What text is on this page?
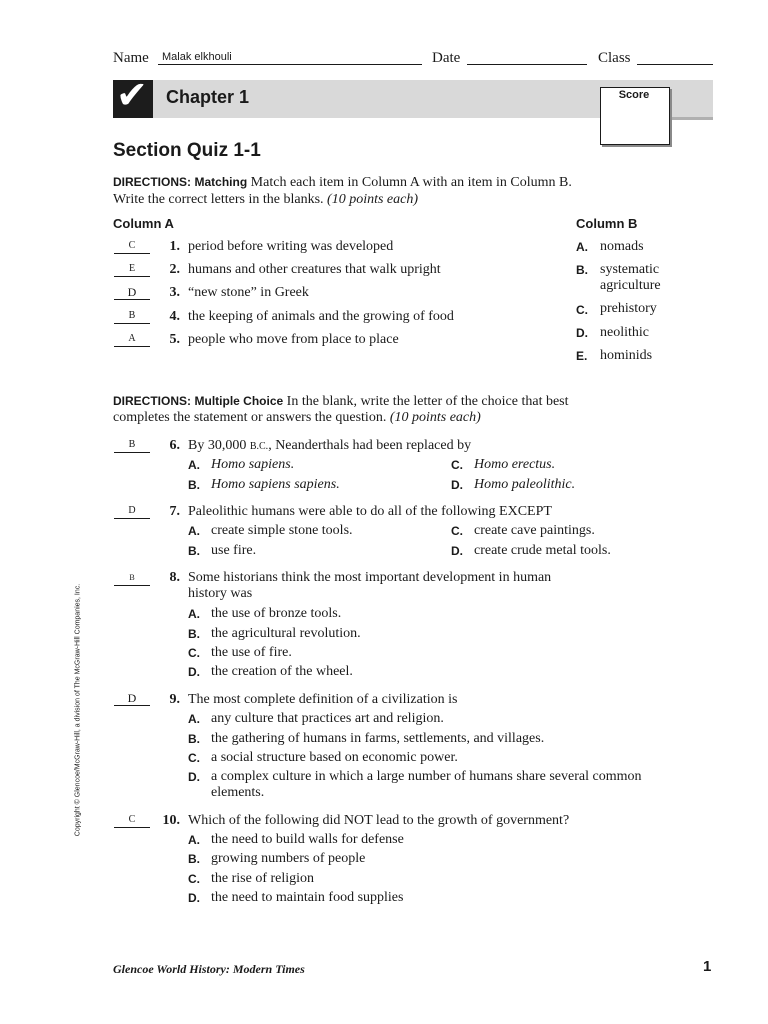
Name Malak elkhouli	Date	Class
✔ Chapter 1	Score
Section Quiz 1-1
DIRECTIONS: Matching Match each item in Column A with an item in Column B.
Write the correct letters in the blanks. (10 points each)
Column A	Column B
C	1. period before writing was developed
E	2. humans and other creatures that walk upright
D	3. “new stone” in Greek
B	4. the keeping of animals and the growing of food
A	5. people who move from place to place
A. nomads
B. systematic
agriculture
C. prehistory
D. neolithic
E. hominids
DIRECTIONS: Multiple Choice In the blank, write the letter of the choice that best
completes the statement or answers the question. (10 points each)
B	6. By 30,000 B.C., Neanderthals had been replaced by
A. Homo sapiens.
B. Homo sapiens sapiens.
C. Homo erectus.
D. Homo paleolithic.
D	7. Paleolithic humans were able to do all of the following EXCEPT
A. create simple stone tools.
B. use fire.
C. create cave paintings.
D. create crude metal tools.
B	8. Some historians think the most important development in human
history was
A. the use of bronze tools.
B. the agricultural revolution.
C. the use of fire.
D. the creation of the wheel.
D	9. The most complete definition of a civilization is
A. any culture that practices art and religion.
B. the gathering of humans in farms, settlements, and villages.
C. a social structure based on economic power.
D. a complex culture in which a large number of humans share several common
elements.
C	10. Which of the following did NOT lead to the growth of government?
A. the need to build walls for defense
B. growing numbers of people
C. the rise of religion
D. the need to maintain food supplies
Copyright © Glencoe/McGraw-Hill, a division of The McGraw-Hill Companies, Inc.
Glencoe World History: Modern Times	1
